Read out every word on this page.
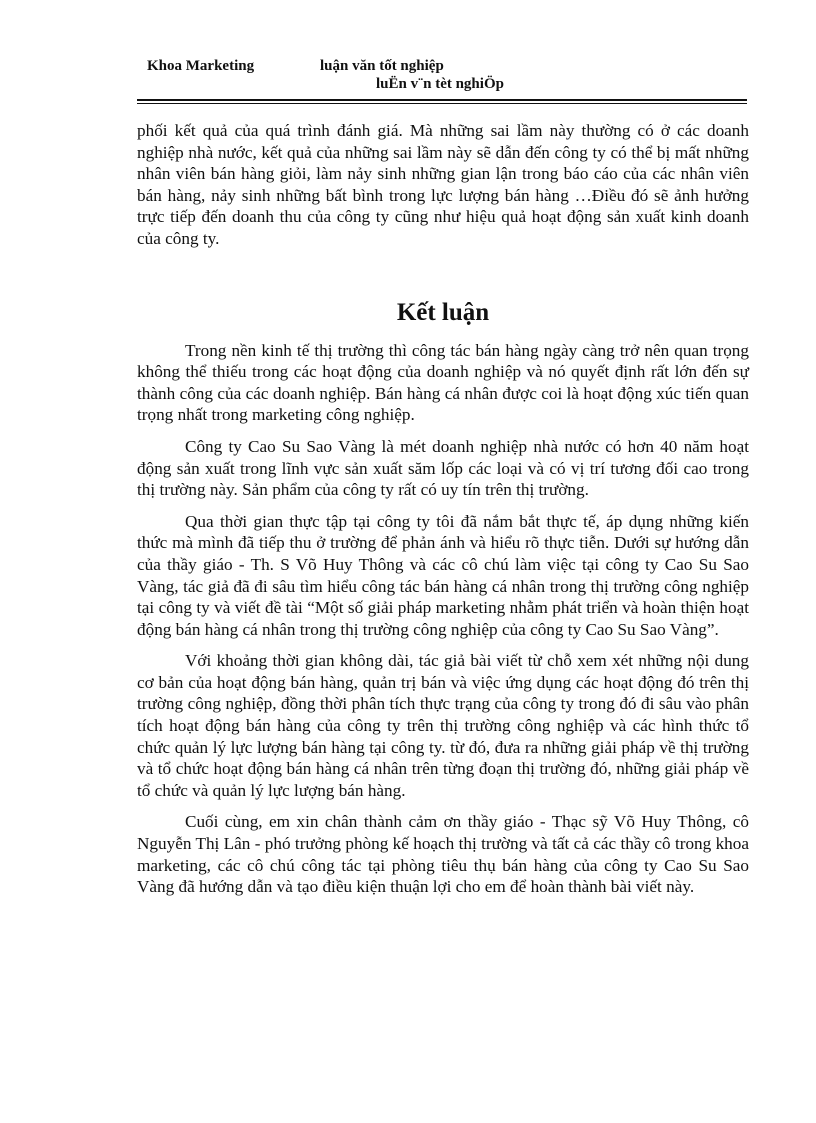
Khoa Marketing	luận văn tốt nghiệp
luËn v¨n tèt nghiÖp

phối kết quả của quá trình đánh giá. Mà những sai lầm này thường có ở các doanh nghiệp nhà nước, kết quả của những sai lầm này sẽ dẫn đến công ty có thể bị mất những nhân viên bán hàng giỏi, làm nảy sinh những gian lận trong báo cáo của các nhân viên bán hàng, nảy sinh những bất bình trong lực lượng bán hàng …Điều đó sẽ ảnh hưởng trực tiếp đến doanh thu của công ty cũng như hiệu quả hoạt động sản xuất kinh doanh của công ty.

Kết luận

Trong nền kinh tế thị trường thì công tác bán hàng ngày càng trở nên quan trọng không thể thiếu trong các hoạt động của doanh nghiệp và nó quyết định rất lớn đến sự thành công của các doanh nghiệp. Bán hàng cá nhân được coi là hoạt động xúc tiến quan trọng nhất trong marketing công nghiệp.

Công ty Cao Su Sao Vàng là mét doanh nghiệp nhà nước có hơn 40 năm hoạt động sản xuất trong lĩnh vực sản xuất săm lốp các loại và có vị trí tương đối cao trong thị trường này. Sản phẩm của công ty rất có uy tín trên thị trường.

Qua thời gian thực tập tại công ty tôi đã nắm bắt thực tế, áp dụng những kiến thức mà mình đã tiếp thu ở trường để phản ánh và hiểu rõ thực tiễn. Dưới sự hướng dẫn của thầy giáo - Th. S Võ Huy Thông và các cô chú làm việc tại công ty Cao Su Sao Vàng, tác giả đã đi sâu tìm hiểu công tác bán hàng cá nhân trong thị trường công nghiệp tại công ty và viết đề tài “Một số giải pháp marketing nhằm phát triển và hoàn thiện hoạt động bán hàng cá nhân trong thị trường công nghiệp của công ty Cao Su Sao Vàng”.

Với khoảng thời gian không dài, tác giả bài viết từ chỗ xem xét những nội dung cơ bản của hoạt động bán hàng, quản trị bán và việc ứng dụng các hoạt động đó trên thị trường công nghiệp, đồng thời phân tích thực trạng của công ty trong đó đi sâu vào phân tích hoạt động bán hàng của công ty trên thị trường công nghiệp và các hình thức tổ chức quản lý lực lượng bán hàng tại công ty. từ đó, đưa ra những giải pháp về thị trường và tổ chức hoạt động bán hàng cá nhân trên từng đoạn thị trường đó, những giải pháp về tổ chức và quản lý lực lượng bán hàng.

Cuối cùng, em xin chân thành cảm ơn thầy giáo - Thạc sỹ Võ Huy Thông, cô Nguyễn Thị Lân - phó trưởng phòng kế hoạch thị trường và tất cả các thầy cô trong khoa marketing, các cô chú công tác tại phòng tiêu thụ bán hàng của công ty Cao Su Sao Vàng đã hướng dẫn và tạo điều kiện thuận lợi cho em để hoàn thành bài viết này.
